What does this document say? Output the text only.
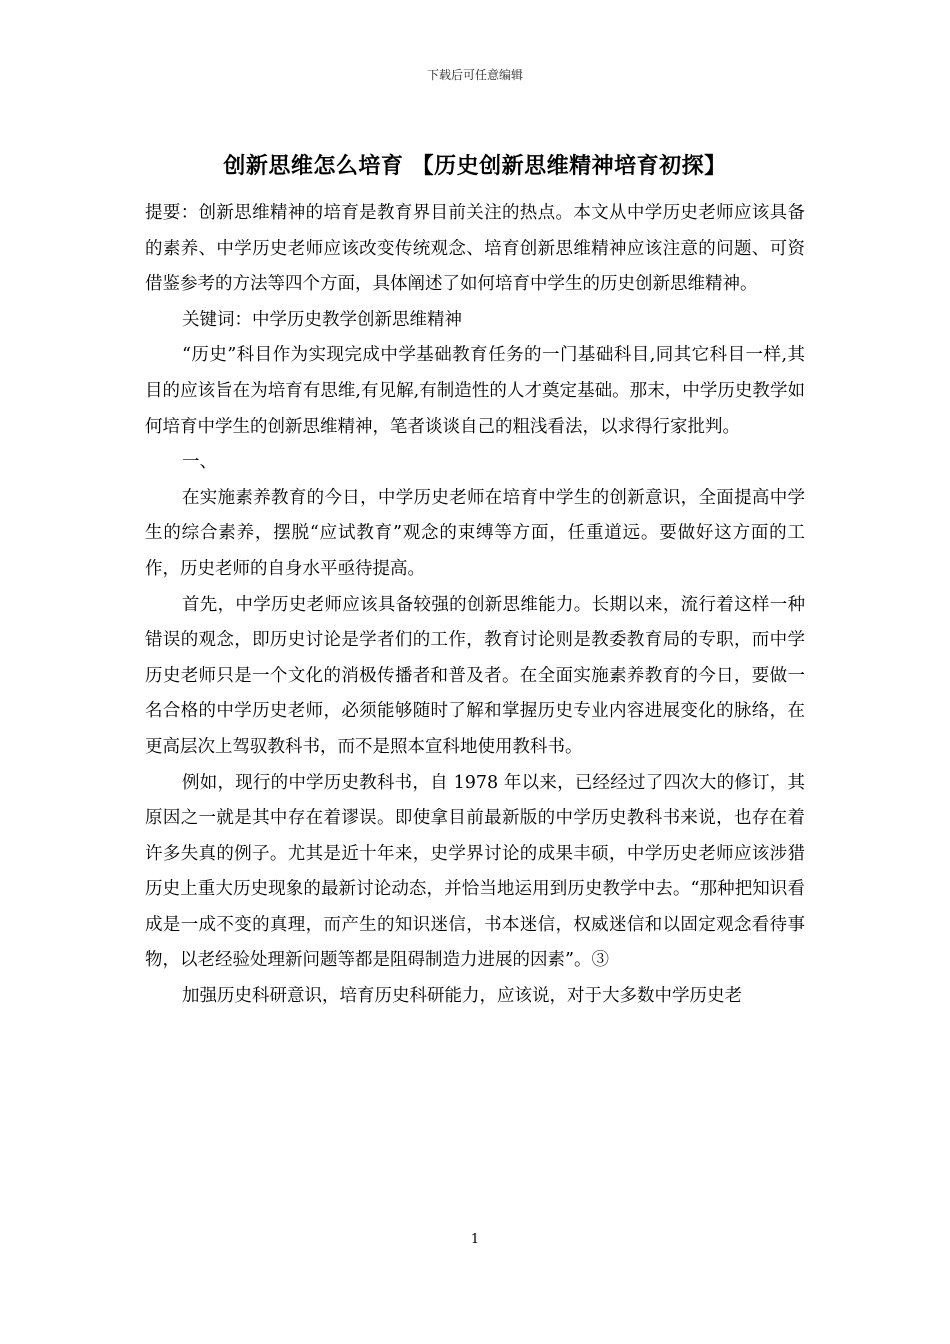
下载后可任意编辑
创新思维怎么培育 【历史创新思维精神培育初探】

提要：创新思维精神的培育是教育界目前关注的热点。本文从中学历史老师应该具备的素养、中学历史老师应该改变传统观念、培育创新思维精神应该注意的问题、可资借鉴参考的方法等四个方面，具体阐述了如何培育中学生的历史创新思维精神。

关键词：中学历史教学创新思维精神

“历史”科目作为实现完成中学基础教育任务的一门基础科目,同其它科目一样,其目的应该旨在为培育有思维,有见解,有制造性的人才奠定基础。那末，中学历史教学如何培育中学生的创新思维精神，笔者谈谈自己的粗浅看法，以求得行家批判。

一、

在实施素养教育的今日，中学历史老师在培育中学生的创新意识，全面提高中学生的综合素养，摆脱“应试教育”观念的束缚等方面，任重道远。要做好这方面的工作，历史老师的自身水平亟待提高。

首先，中学历史老师应该具备较强的创新思维能力。长期以来，流行着这样一种错误的观念，即历史讨论是学者们的工作，教育讨论则是教委教育局的专职，而中学历史老师只是一个文化的消极传播者和普及者。在全面实施素养教育的今日，要做一名合格的中学历史老师，必须能够随时了解和掌握历史专业内容进展变化的脉络，在更高层次上驾驭教科书，而不是照本宣科地使用教科书。

例如，现行的中学历史教科书，自 1978 年以来，已经经过了四次大的修订，其原因之一就是其中存在着谬误。即使拿目前最新版的中学历史教科书来说，也存在着许多失真的例子。尤其是近十年来，史学界讨论的成果丰硕，中学历史老师应该涉猎历史上重大历史现象的最新讨论动态，并恰当地运用到历史教学中去。“那种把知识看成是一成不变的真理，而产生的知识迷信，书本迷信，权威迷信和以固定观念看待事物，以老经验处理新问题等都是阻碍制造力进展的因素”。③

加强历史科研意识，培育历史科研能力，应该说，对于大多数中学历史老

1
